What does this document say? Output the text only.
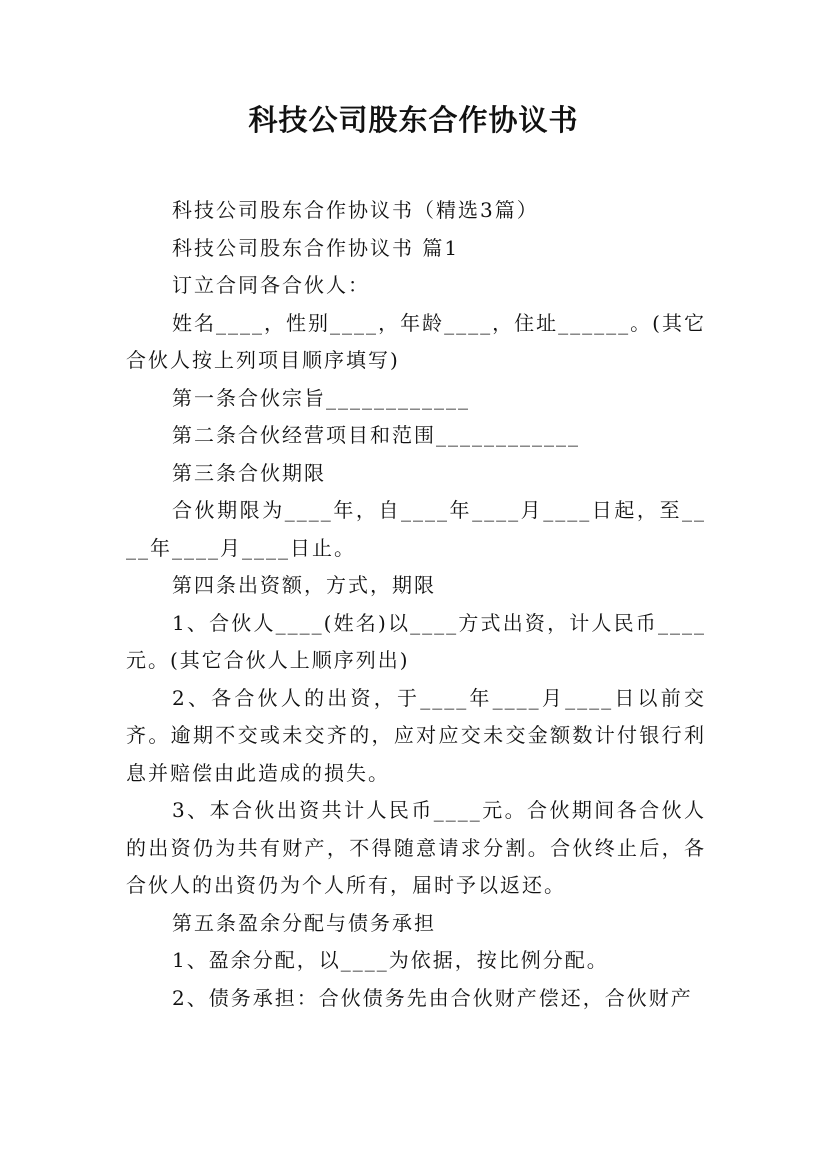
科技公司股东合作协议书

科技公司股东合作协议书（精选3篇）

科技公司股东合作协议书 篇1

订立合同各合伙人：

姓名____，性别____，年龄____，住址______。(其它合伙人按上列项目顺序填写)

第一条合伙宗旨____________

第二条合伙经营项目和范围____________

第三条合伙期限

合伙期限为____年，自____年____月____日起，至____年____月____日止。

第四条出资额，方式，期限

1、合伙人____(姓名)以____方式出资，计人民币____元。(其它合伙人上顺序列出)

2、各合伙人的出资，于____年____月____日以前交齐。逾期不交或未交齐的，应对应交未交金额数计付银行利息并赔偿由此造成的损失。

3、本合伙出资共计人民币____元。合伙期间各合伙人的出资仍为共有财产，不得随意请求分割。合伙终止后，各合伙人的出资仍为个人所有，届时予以返还。

第五条盈余分配与债务承担

1、盈余分配，以____为依据，按比例分配。

2、债务承担：合伙债务先由合伙财产偿还，合伙财产
